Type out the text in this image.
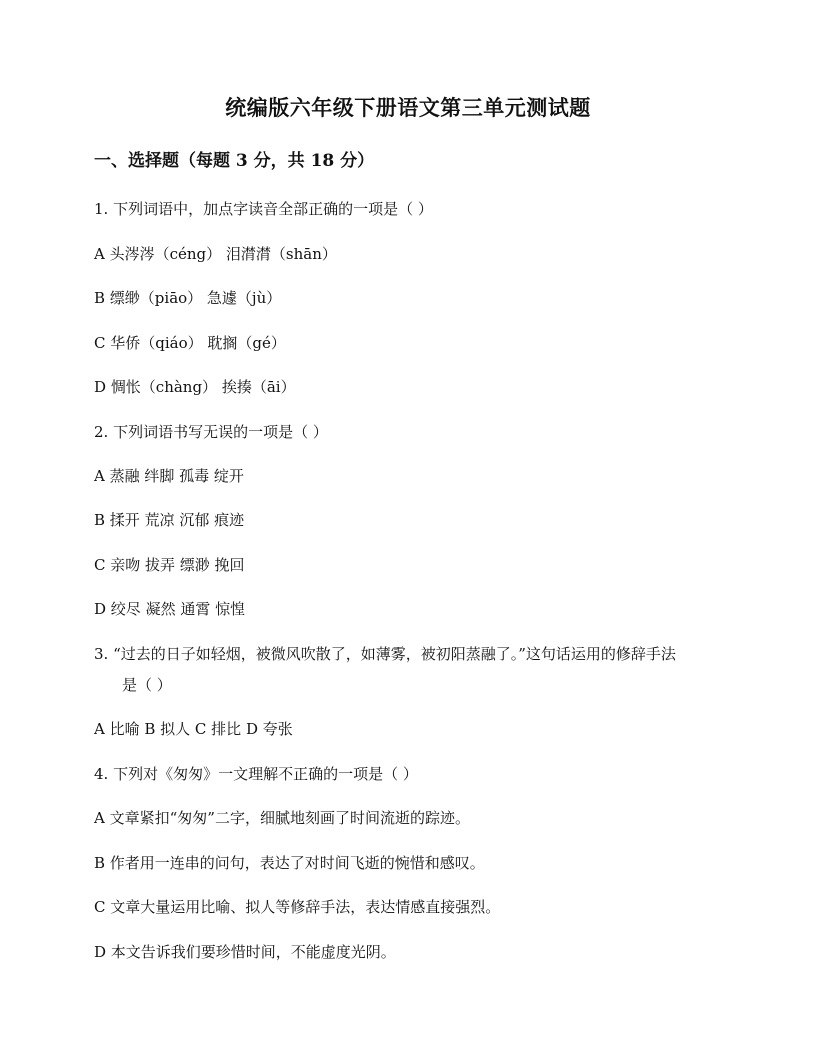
统编版六年级下册语文第三单元测试题
一、选择题（每题 3 分，共 18 分）
1. 下列词语中，加点字读音全部正确的一项是（ ）
A 头涔涔（céng） 泪潸潸（shān）
B 缥缈（piāo） 急遽（jù）
C 华侨（qiáo） 耽搁（gé）
D 惆怅（chàng） 挨揍（āi）
2. 下列词语书写无误的一项是（ ）
A 蒸融 绊脚 孤毒 绽开
B 揉开 荒凉 沉郁 痕迹
C 亲吻 拔弄 缥渺 挽回
D 绞尽 凝然 通霄 惊惶
3. “过去的日子如轻烟，被微风吹散了，如薄雾，被初阳蒸融了。”这句话运用的修辞手法
是（ ）
A 比喻 B 拟人 C 排比 D 夸张
4. 下列对《匆匆》一文理解不正确的一项是（ ）
A 文章紧扣“匆匆”二字，细腻地刻画了时间流逝的踪迹。
B 作者用一连串的问句，表达了对时间飞逝的惋惜和感叹。
C 文章大量运用比喻、拟人等修辞手法，表达情感直接强烈。
D 本文告诉我们要珍惜时间，不能虚度光阴。
